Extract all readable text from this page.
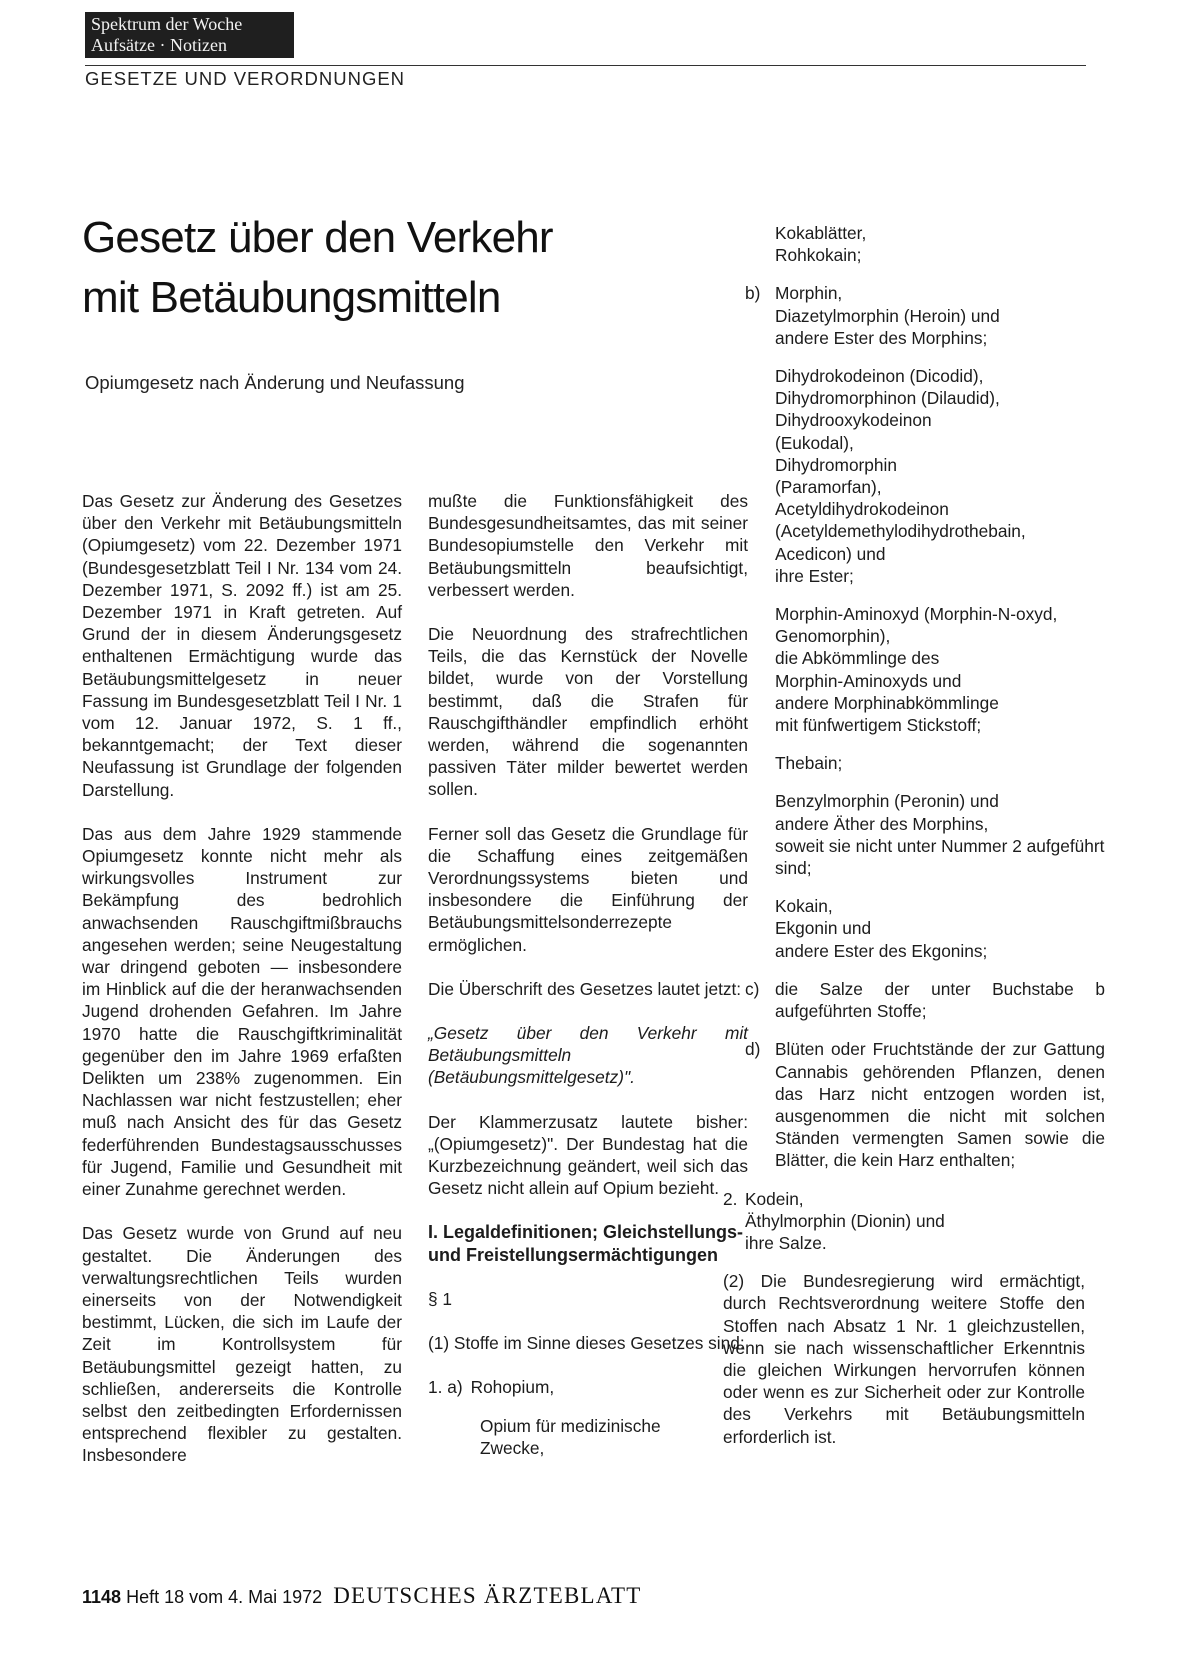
Spektrum der Woche
Aufsätze · Notizen
GESETZE UND VERORDNUNGEN
Gesetz über den Verkehr
mit Betäubungsmitteln
Opiumgesetz nach Änderung und Neufassung

Das Gesetz zur Änderung des Gesetzes über den Verkehr mit Betäubungsmitteln (Opiumgesetz) vom 22. Dezember 1971 (Bundesgesetzblatt Teil I Nr. 134 vom 24. Dezember 1971, S. 2092 ff.) ist am 25. Dezember 1971 in Kraft getreten. Auf Grund der in diesem Änderungsgesetz enthaltenen Ermächtigung wurde das Betäubungsmittelgesetz in neuer Fassung im Bundesgesetzblatt Teil I Nr. 1 vom 12. Januar 1972, S. 1 ff., bekanntgemacht; der Text dieser Neufassung ist Grundlage der folgenden Darstellung.

Das aus dem Jahre 1929 stammende Opiumgesetz konnte nicht mehr als wirkungsvolles Instrument zur Bekämpfung des bedrohlich anwachsenden Rauschgiftmißbrauchs angesehen werden; seine Neugestaltung war dringend geboten — insbesondere im Hinblick auf die der heranwachsenden Jugend drohenden Gefahren. Im Jahre 1970 hatte die Rauschgiftkriminalität gegenüber den im Jahre 1969 erfaßten Delikten um 238% zugenommen. Ein Nachlassen war nicht festzustellen; eher muß nach Ansicht des für das Gesetz federführenden Bundestagsausschusses für Jugend, Familie und Gesundheit mit einer Zunahme gerechnet werden.

Das Gesetz wurde von Grund auf neu gestaltet. Die Änderungen des verwaltungsrechtlichen Teils wurden einerseits von der Notwendigkeit bestimmt, Lücken, die sich im Laufe der Zeit im Kontrollsystem für Betäubungsmittel gezeigt hatten, zu schließen, andererseits die Kontrolle selbst den zeitbedingten Erfordernissen entsprechend flexibler zu gestalten. Insbesondere

mußte die Funktionsfähigkeit des Bundesgesundheitsamtes, das mit seiner Bundesopiumstelle den Verkehr mit Betäubungsmitteln beaufsichtigt, verbessert werden.

Die Neuordnung des strafrechtlichen Teils, die das Kernstück der Novelle bildet, wurde von der Vorstellung bestimmt, daß die Strafen für Rauschgifthändler empfindlich erhöht werden, während die sogenannten passiven Täter milder bewertet werden sollen.

Ferner soll das Gesetz die Grundlage für die Schaffung eines zeitgemäßen Verordnungssystems bieten und insbesondere die Einführung der Betäubungsmittelsonderrezepte ermöglichen.

Die Überschrift des Gesetzes lautet jetzt:

„Gesetz über den Verkehr mit Betäubungsmitteln (Betäubungsmittelgesetz)".

Der Klammerzusatz lautete bisher: „(Opiumgesetz)". Der Bundestag hat die Kurzbezeichnung geändert, weil sich das Gesetz nicht allein auf Opium bezieht.

I. Legaldefinitionen; Gleichstellungs- und Freistellungsermächtigungen

§ 1

(1) Stoffe im Sinne dieses Gesetzes sind:

1. a) Rohopium,
Opium für medizinische
Zwecke,
Kokablätter,
Rohkokain;
b) Morphin,
Diazetylmorphin (Heroin) und
andere Ester des Morphins;
Dihydrokodeinon (Dicodid),
Dihydromorphinon (Dilaudid),
Dihydrooxykodeinon
(Eukodal),
Dihydromorphin
(Paramorfan),
Acetyldihydrokodeinon (Acetyldemethylodihydrothebain,
Acedicon) und
ihre Ester;
Morphin-Aminoxyd (Morphin-N-oxyd, Genomorphin),
die Abkömmlinge des
Morphin-Aminoxyds und
andere Morphinabkömmlinge
mit fünfwertigem Stickstoff;
Thebain;
Benzylmorphin (Peronin) und
andere Äther des Morphins,
soweit sie nicht unter Nummer 2 aufgeführt sind;
Kokain,
Ekgonin und
andere Ester des Ekgonins;
c) die Salze der unter Buchstabe b aufgeführten Stoffe;
d) Blüten oder Fruchtstände der zur Gattung Cannabis gehörenden Pflanzen, denen das Harz nicht entzogen worden ist, ausgenommen die nicht mit solchen Ständen vermengten Samen sowie die Blätter, die kein Harz enthalten;
2. Kodein,
Äthylmorphin (Dionin) und
ihre Salze.

(2) Die Bundesregierung wird ermächtigt, durch Rechtsverordnung weitere Stoffe den Stoffen nach Absatz 1 Nr. 1 gleichzustellen, wenn sie nach wissenschaftlicher Erkenntnis die gleichen Wirkungen hervorrufen können oder wenn es zur Sicherheit oder zur Kontrolle des Verkehrs mit Betäubungsmitteln erforderlich ist.

1148 Heft 18 vom 4. Mai 1972 DEUTSCHES ÄRZTEBLATT
